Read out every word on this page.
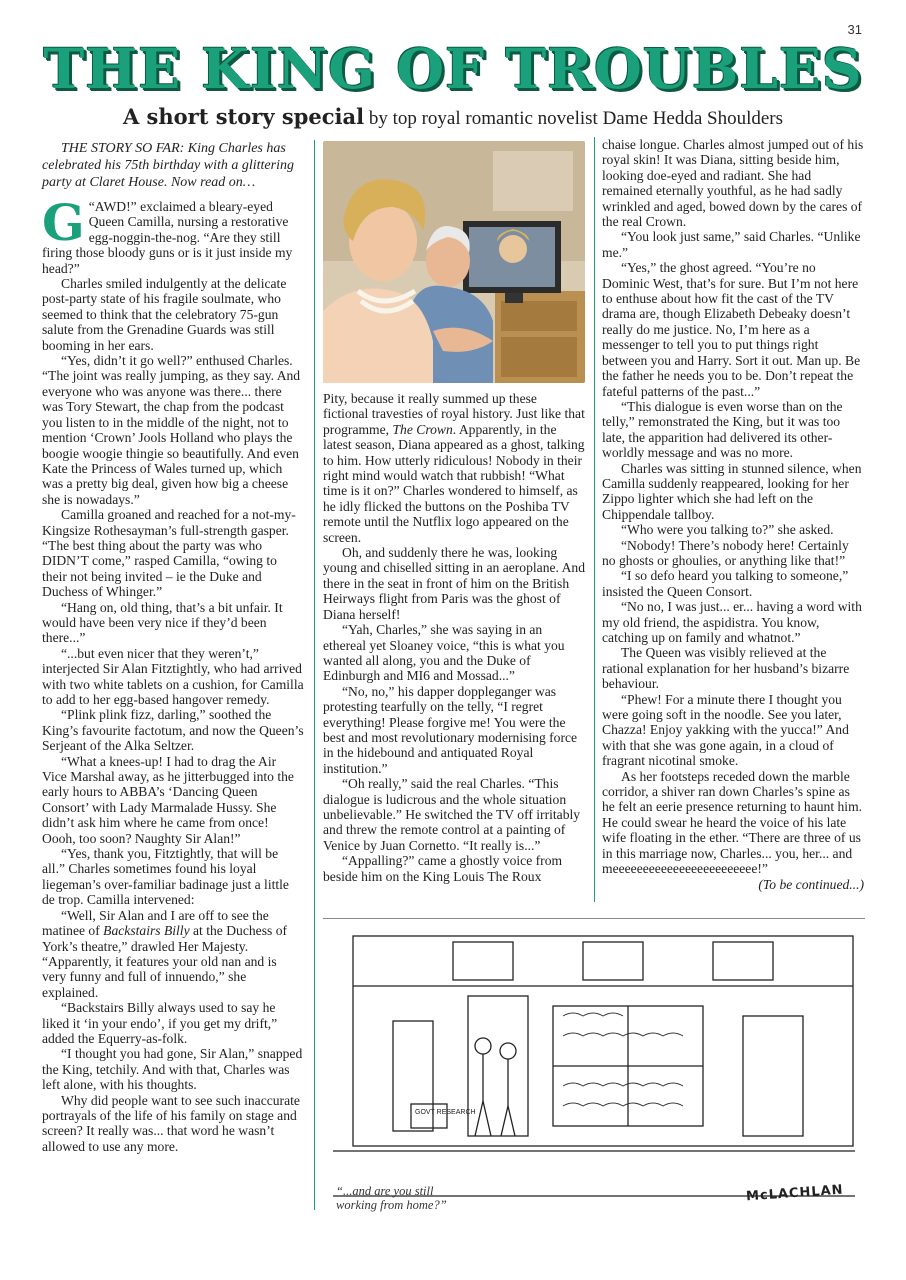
31
THE KING OF TROUBLES
A short story special by top royal romantic novelist Dame Hedda Shoulders

THE STORY SO FAR: King Charles has celebrated his 75th birthday with a glittering party at Claret House. Now read on…

“
G AWD!” exclaimed a bleary-eyed Queen Camilla, nursing a restorative egg-noggin-the-nog. “Are they still firing those bloody guns or is it just inside my head?”

Charles smiled indulgently at the delicate post-party state of his fragile soulmate, who seemed to think that the celebratory 75-gun salute from the Grenadine Guards was still booming in her ears.

“Yes, didn’t it go well?” enthused Charles. “The joint was really jumping, as they say. And everyone who was anyone was there... there was Tory Stewart, the chap from the podcast you listen to in the middle of the night, not to mention ‘Crown’ Jools Holland who plays the boogie woogie thingie so beautifully. And even Kate the Princess of Wales turned up, which was a pretty big deal, given how big a cheese she is nowadays.”

Camilla groaned and reached for a not-my-Kingsize Rothesayman’s full-strength gasper. “The best thing about the party was who DIDN’T come,” rasped Camilla, “owing to their not being invited – ie the Duke and Duchess of Whinger.”

“Hang on, old thing, that’s a bit unfair. It would have been very nice if they’d been there...”

“...but even nicer that they weren’t,” interjected Sir Alan Fitztightly, who had arrived with two white tablets on a cushion, for Camilla to add to her egg-based hangover remedy.

“Plink plink fizz, darling,” soothed the King’s favourite factotum, and now the Queen’s Serjeant of the Alka Seltzer.

“What a knees-up! I had to drag the Air Vice Marshal away, as he jitterbugged into the early hours to ABBA’s ‘Dancing Queen Consort’ with Lady Marmalade Hussy. She didn’t ask him where he came from once! Oooh, too soon? Naughty Sir Alan!”

“Yes, thank you, Fitztightly, that will be all.” Charles sometimes found his loyal liegeman’s over-familiar badinage just a little de trop. Camilla intervened:

“Well, Sir Alan and I are off to see the matinee of Backstairs Billy at the Duchess of York’s theatre,” drawled Her Majesty. “Apparently, it features your old nan and is very funny and full of innuendo,” she explained.

“Backstairs Billy always used to say he liked it ‘in your endo’, if you get my drift,” added the Equerry-as-folk.

“I thought you had gone, Sir Alan,” snapped the King, tetchily. And with that, Charles was left alone, with his thoughts.

Why did people want to see such inaccurate portrayals of the life of his family on stage and screen? It really was... that word he wasn’t allowed to use any more.

Pity, because it really summed up these fictional travesties of royal history. Just like that programme, The Crown. Apparently, in the latest season, Diana appeared as a ghost, talking to him. How utterly ridiculous! Nobody in their right mind would watch that rubbish! “What time is it on?” Charles wondered to himself, as he idly flicked the buttons on the Poshiba TV remote until the Nutflix logo appeared on the screen.

Oh, and suddenly there he was, looking young and chiselled sitting in an aeroplane. And there in the seat in front of him on the British Heirways flight from Paris was the ghost of Diana herself!

“Yah, Charles,” she was saying in an ethereal yet Sloaney voice, “this is what you wanted all along, you and the Duke of Edinburgh and MI6 and Mossad...”

“No, no,” his dapper doppleganger was protesting tearfully on the telly, “I regret everything! Please forgive me! You were the best and most revolutionary modernising force in the hidebound and antiquated Royal institution.”

“Oh really,” said the real Charles. “This dialogue is ludicrous and the whole situation unbelievable.” He switched the TV off irritably and threw the remote control at a painting of Venice by Juan Cornetto. “It really is...”

“Appalling?” came a ghostly voice from beside him on the King Louis The Roux

chaise longue. Charles almost jumped out of his royal skin! It was Diana, sitting beside him, looking doe-eyed and radiant. She had remained eternally youthful, as he had sadly wrinkled and aged, bowed down by the cares of the real Crown.

“You look just same,” said Charles. “Unlike me.”

“Yes,” the ghost agreed. “You’re no Dominic West, that’s for sure. But I’m not here to enthuse about how fit the cast of the TV drama are, though Elizabeth Debeaky doesn’t really do me justice. No, I’m here as a messenger to tell you to put things right between you and Harry. Sort it out. Man up. Be the father he needs you to be. Don’t repeat the fateful patterns of the past...”

“This dialogue is even worse than on the telly,” remonstrated the King, but it was too late, the apparition had delivered its other-worldly message and was no more.

Charles was sitting in stunned silence, when Camilla suddenly reappeared, looking for her Zippo lighter which she had left on the Chippendale tallboy.

“Who were you talking to?” she asked.

“Nobody! There’s nobody here! Certainly no ghosts or ghoulies, or anything like that!”

“I so defo heard you talking to someone,” insisted the Queen Consort.

“No no, I was just... er... having a word with my old friend, the aspidistra. You know, catching up on family and whatnot.”

The Queen was visibly relieved at the rational explanation for her husband’s bizarre behaviour.

“Phew! For a minute there I thought you were going soft in the noodle. See you later, Chazza! Enjoy yakking with the yucca!” And with that she was gone again, in a cloud of fragrant nicotinal smoke.

As her footsteps receded down the marble corridor, a shiver ran down Charles’s spine as he felt an eerie presence returning to haunt him. He could swear he heard the voice of his late wife floating in the ether. “There are three of us in this marriage now, Charles... you, her... and meeeeeeeeeeeeeeeeeeeeeeee!”

(To be continued...)

GOVT RESEARCH
“...and are you still working from home?”
McLACHLAN
